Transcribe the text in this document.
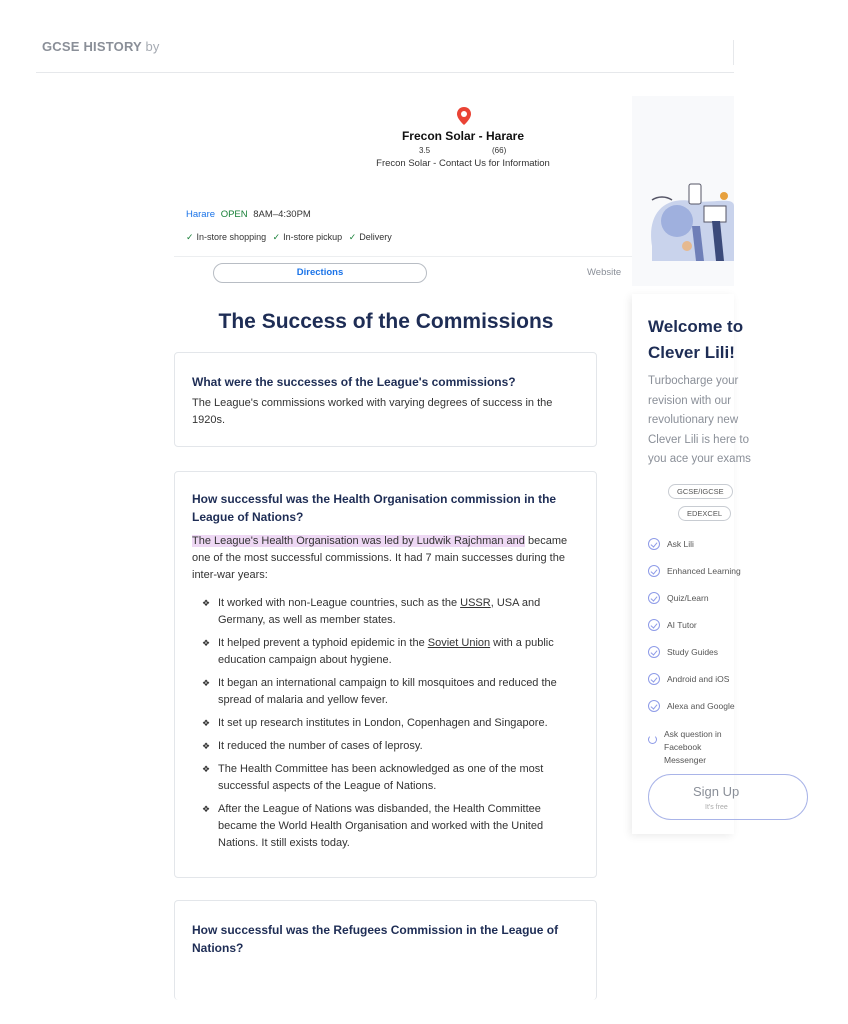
GCSE HISTORY by
Frecon Solar - Harare
3.5	(66)
Frecon Solar - Contact Us for Information
Harare OPEN 8AM–4:30PM
✓ In-store shopping ✓ In-store pickup ✓ Delivery
Directions	Website
The Success of the Commissions
What were the successes of the League's commissions?
The League's commissions worked with varying degrees of success in the 1920s.
How successful was the Health Organisation commission in the League of Nations?
The League's Health Organisation was led by Ludwik Rajchman and became one of the most successful commissions. It had 7 main successes during the inter-war years:
❖ It worked with non-League countries, such as the USSR, USA and Germany, as well as member states.
❖ It helped prevent a typhoid epidemic in the Soviet Union with a public education campaign about hygiene.
❖ It began an international campaign to kill mosquitoes and reduced the spread of malaria and yellow fever.
❖ It set up research institutes in London, Copenhagen and Singapore.
❖ It reduced the number of cases of leprosy.
❖ The Health Committee has been acknowledged as one of the most successful aspects of the League of Nations.
❖ After the League of Nations was disbanded, the Health Committee became the World Health Organisation and worked with the United Nations. It still exists today.
How successful was the Refugees Commission in the League of Nations?
Welcome to
Clever Lili!
Turbocharge your
revision with our
revolutionary new
Clever Lili is here to
you ace your exams
GCSE/IGCSE
EDEXCEL
Ask Lili
Enhanced Learning
Quiz/Learn
AI Tutor
Study Guides
Android and iOS
Alexa and Google
Ask question in Facebook
Messenger
Sign Up
It's free
